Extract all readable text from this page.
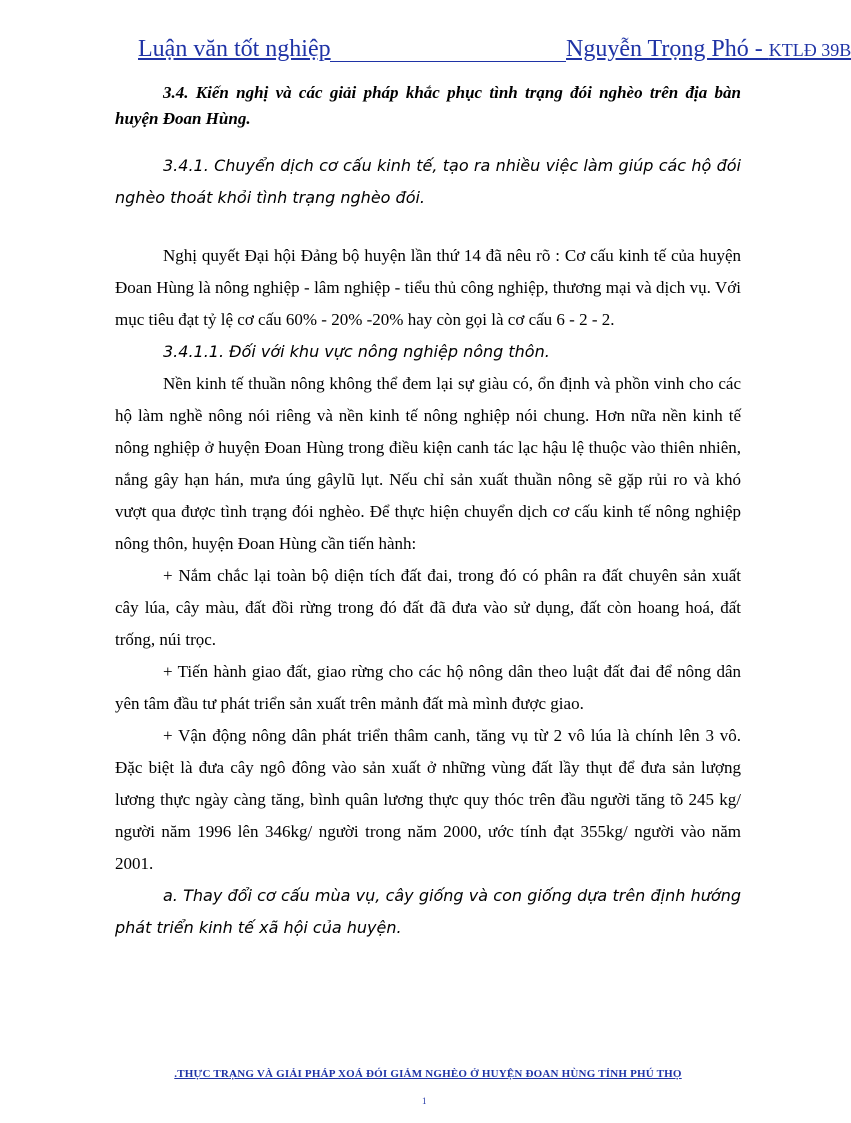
Luận văn tốt nghiệp	Nguyễn Trọng Phó - KTLĐ 39B

3.4. Kiến nghị và các giải pháp khắc phục tình trạng đói nghèo trên địa bàn huyện Đoan Hùng.

3.4.1. Chuyển dịch cơ cấu kinh tế, tạo ra nhiều việc làm giúp các hộ đói nghèo thoát khỏi tình trạng nghèo đói.

Nghị quyết Đại hội Đảng bộ huyện lần thứ 14 đã nêu rõ : Cơ cấu kinh tế của huyện Đoan Hùng là nông nghiệp - lâm nghiệp - tiểu thủ công nghiệp, thương mại và dịch vụ. Với mục tiêu đạt tỷ lệ cơ cấu 60% - 20% -20% hay còn gọi là cơ cấu 6 - 2 - 2.

3.4.1.1. Đối với khu vực nông nghiệp nông thôn.

Nền kinh tế thuần nông không thể đem lại sự giàu có, ổn định và phồn vinh cho các hộ làm nghề nông nói riêng và nền kinh tế nông nghiệp nói chung. Hơn nữa nền kinh tế nông nghiệp ở huyện Đoan Hùng trong điều kiện canh tác lạc hậu lệ thuộc vào thiên nhiên, nắng gây hạn hán, mưa úng gâylũ lụt. Nếu chỉ sản xuất thuần nông sẽ gặp rủi ro và khó vượt qua được tình trạng đói nghèo. Để thực hiện chuyển dịch cơ cấu kinh tế nông nghiệp nông thôn, huyện Đoan Hùng cần tiến hành:

+ Nắm chắc lại toàn bộ diện tích đất đai, trong đó có phân ra đất chuyên sản xuất cây lúa, cây màu, đất đồi rừng trong đó đất đã đưa vào sử dụng, đất còn hoang hoá, đất trống, núi trọc.

+ Tiến hành giao đất, giao rừng cho các hộ nông dân theo luật đất đai để nông dân yên tâm đầu tư phát triển sản xuất trên mảnh đất mà mình được giao.

+ Vận động nông dân phát triển thâm canh, tăng vụ từ 2 vô lúa là chính lên 3 vô. Đặc biệt là đưa cây ngô đông vào sản xuất ở những vùng đất lầy thụt để đưa sản lượng lương thực ngày càng tăng, bình quân lương thực quy thóc trên đầu người tăng tõ 245 kg/ người năm 1996 lên 346kg/ người trong năm 2000, ước tính đạt 355kg/ người vào năm 2001.

a. Thay đổi cơ cấu mùa vụ, cây giống và con giống dựa trên định hướng phát triển kinh tế xã hội của huyện.

.THỰC TRẠNG VÀ GIẢI PHÁP XOÁ ĐÓI GIẢM NGHÈO Ở HUYỆN ĐOAN HÙNG TỈNH PHÚ THỌ
1
